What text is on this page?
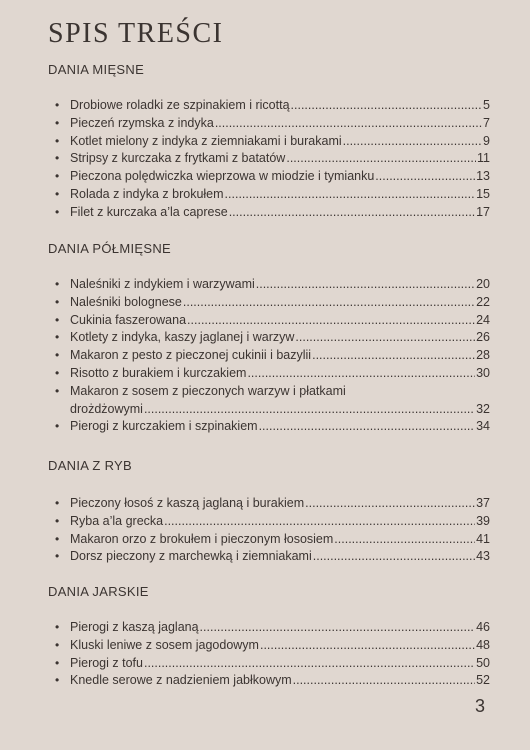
SPIS TREŚCI
DANIA MIĘSNE
• Drobiowe roladki ze szpinakiem i ricottą .....	5
• Pieczeń rzymska z indyka .....	7
• Kotlet mielony z indyka z ziemniakami i burakami .....	9
• Stripsy z kurczaka z frytkami z batatów .....	11
• Pieczona polędwiczka wieprzowa w miodzie i tymianku .....	13
• Rolada z indyka z brokułem .....	15
• Filet z kurczaka a’la caprese .....	17
DANIA PÓŁMIĘSNE
• Naleśniki z indykiem i warzywami .....	20
• Naleśniki bolognese .....	22
• Cukinia faszerowana .....	24
• Kotlety z indyka, kaszy jaglanej i warzyw .....	26
• Makaron z pesto z pieczonej cukinii i bazylii .....	28
• Risotto z burakiem i kurczakiem .....	30
• Makaron z sosem z pieczonych warzyw i płatkami
drożdżowymi .....	32
• Pierogi z kurczakiem i szpinakiem .....	34
DANIA Z RYB
• Pieczony łosoś z kaszą jaglaną i burakiem .....	37
• Ryba a’la grecka .....	39
• Makaron orzo z brokułem i pieczonym łososiem .....	41
• Dorsz pieczony z marchewką i ziemniakami .....	43
DANIA JARSKIE
• Pierogi z kaszą jaglaną .....	46
• Kluski leniwe z sosem jagodowym .....	48
• Pierogi z tofu .....	50
• Knedle serowe z nadzieniem jabłkowym .....	52
3
